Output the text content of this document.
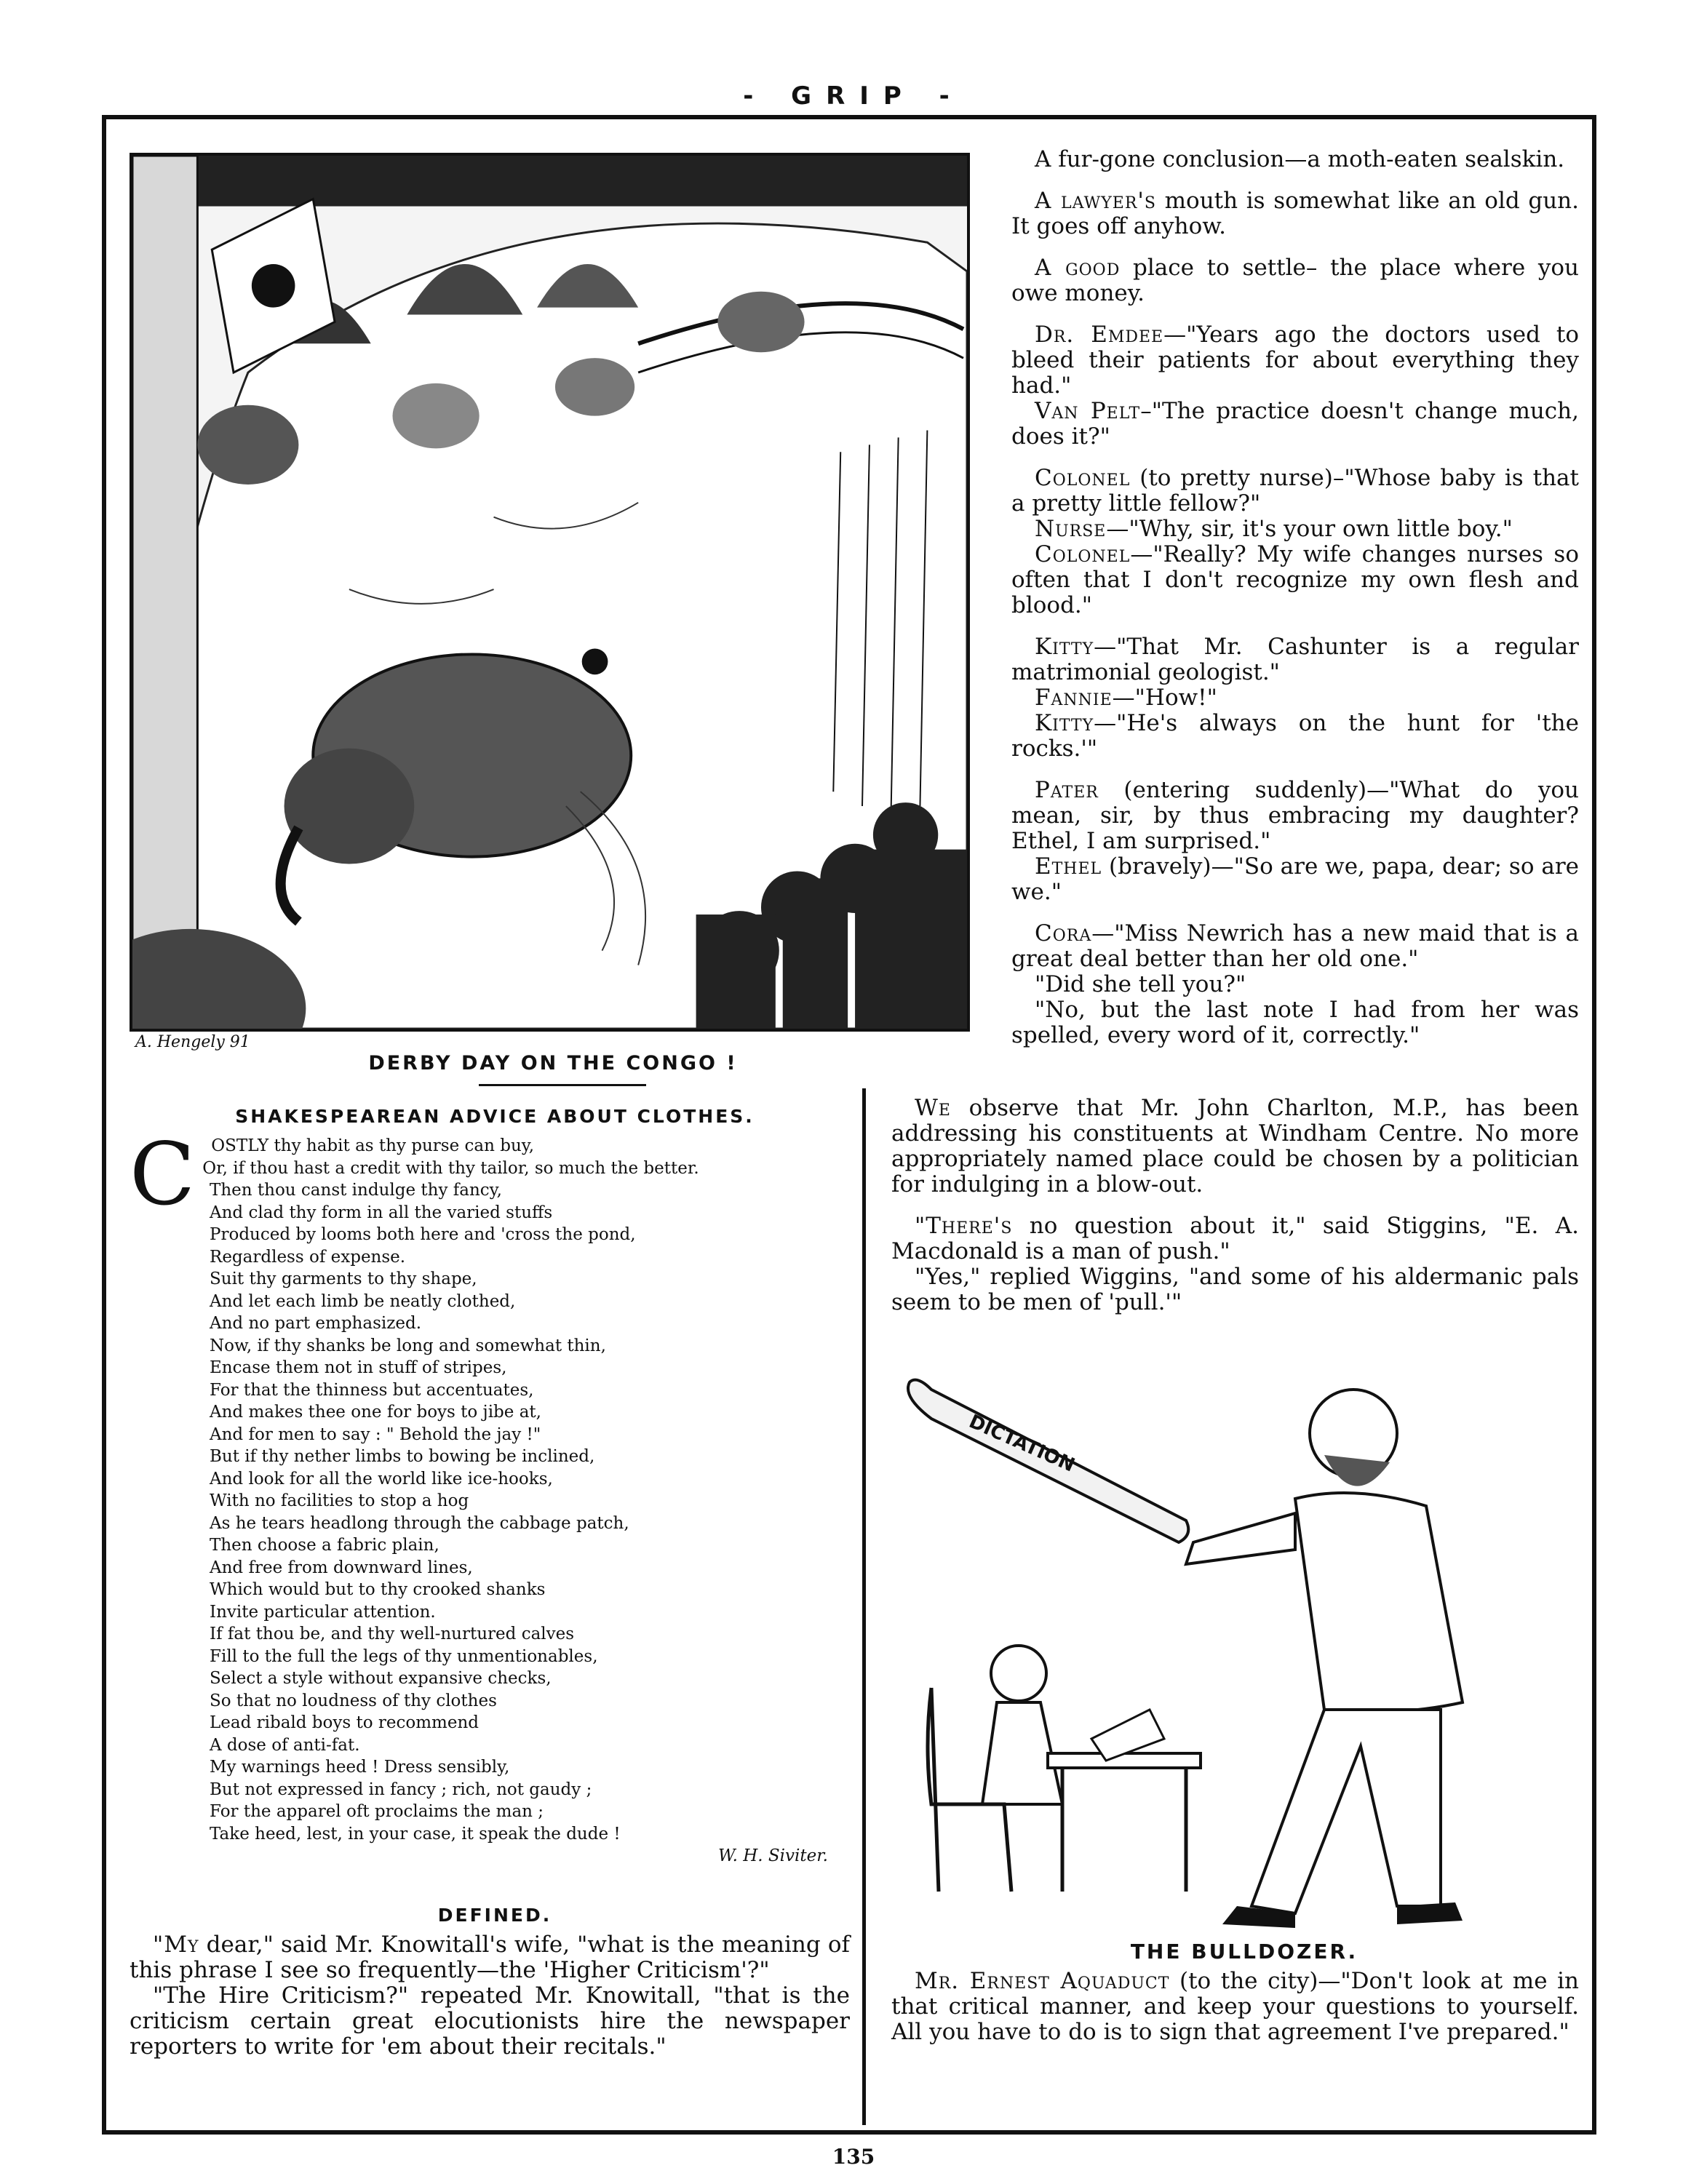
- GRIP -
A. Hengely 91
DERBY DAY ON THE CONGO !

A fur-gone conclusion—a moth-eaten sealskin.

A lawyer's mouth is somewhat like an old gun. It goes off anyhow.

A good place to settle– the place where you owe money.

Dr. Emdee—"Years ago the doctors used to bleed their patients for about everything they had."

Van Pelt–"The practice doesn't change much, does it?"

Colonel (to pretty nurse)–"Whose baby is that a pretty little fellow?"

Nurse—"Why, sir, it's your own little boy."

Colonel—"Really? My wife changes nurses so often that I don't recognize my own flesh and blood."

Kitty—"That Mr. Cashunter is a regular matrimonial geologist."

Fannie—"How!"

Kitty—"He's always on the hunt for 'the rocks.'"

Pater (entering suddenly)—"What do you mean, sir, by thus embracing my daughter? Ethel, I am surprised."

Ethel (bravely)—"So are we, papa, dear; so are we."

Cora—"Miss Newrich has a new maid that is a great deal better than her old one."

"Did she tell you?"

"No, but the last note I had from her was spelled, every word of it, correctly."

We observe that Mr. John Charlton, M.P., has been addressing his constituents at Windham Centre. No more appropriately named place could be chosen by a politician for indulging in a blow-out.

"There's no question about it," said Stiggins, "E. A. Macdonald is a man of push."

"Yes," replied Wiggins, "and some of his aldermanic pals seem to be men of 'pull.'"

DICTATION
THE BULLDOZER.

Mr. Ernest Aquaduct (to the city)—"Don't look at me in that critical manner, and keep your questions to yourself. All you have to do is to sign that agreement I've prepared."

SHAKESPEAREAN ADVICE ABOUT CLOTHES.
C OSTLY thy habit as thy purse can buy,
Or, if thou hast a credit with thy tailor, so much the better.
Then thou canst indulge thy fancy,
And clad thy form in all the varied stuffs
Produced by looms both here and 'cross the pond,
Regardless of expense.
Suit thy garments to thy shape,
And let each limb be neatly clothed,
And no part emphasized.
Now, if thy shanks be long and somewhat thin,
Encase them not in stuff of stripes,
For that the thinness but accentuates,
And makes thee one for boys to jibe at,
And for men to say : " Behold the jay !"
But if thy nether limbs to bowing be inclined,
And look for all the world like ice-hooks,
With no facilities to stop a hog
As he tears headlong through the cabbage patch,
Then choose a fabric plain,
And free from downward lines,
Which would but to thy crooked shanks
Invite particular attention.
If fat thou be, and thy well-nurtured calves
Fill to the full the legs of thy unmentionables,
Select a style without expansive checks,
So that no loudness of thy clothes
Lead ribald boys to recommend
A dose of anti-fat.
My warnings heed ! Dress sensibly,
But not expressed in fancy ; rich, not gaudy ;
For the apparel oft proclaims the man ;
Take heed, lest, in your case, it speak the dude !
W. H. Siviter.
DEFINED.

"My dear," said Mr. Knowitall's wife, "what is the meaning of this phrase I see so frequently—the 'Higher Criticism'?"

"The Hire Criticism?" repeated Mr. Knowitall, "that is the criticism certain great elocutionists hire the newspaper reporters to write for 'em about their recitals."

135
